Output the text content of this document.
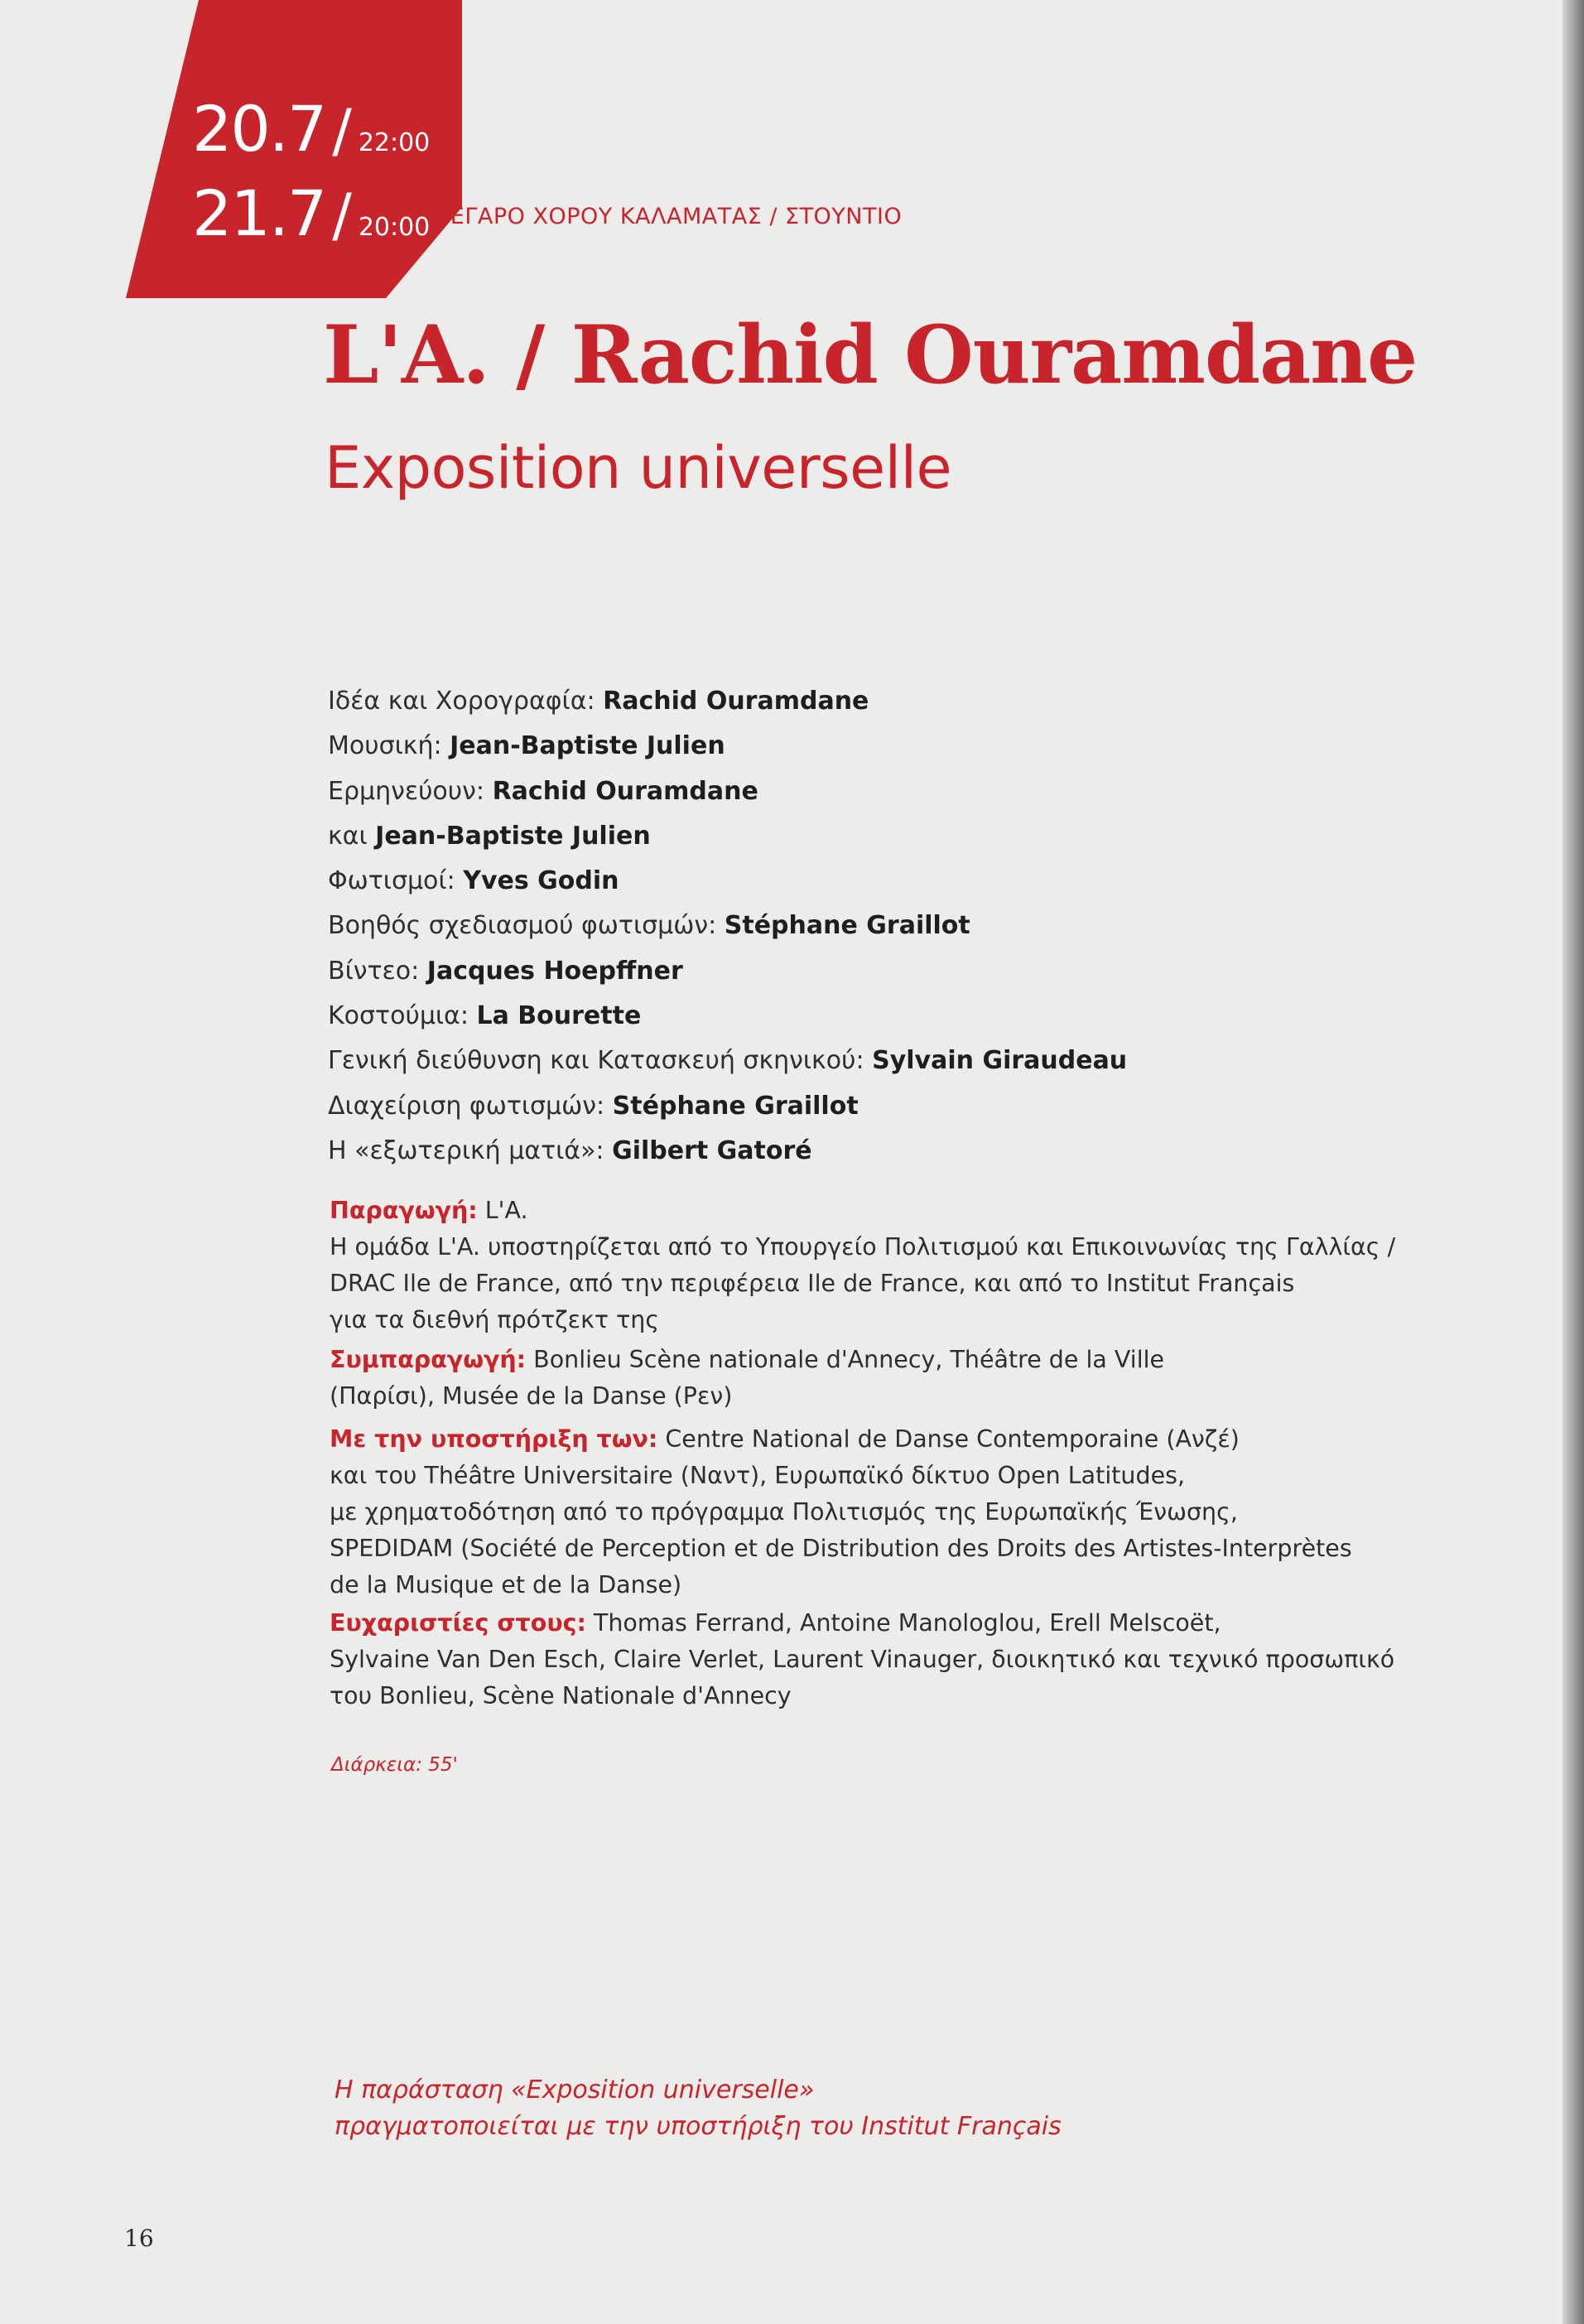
20.7 / 22:00
21.7 / 20:00 ΜΕΓΑΡΟ ΧΟΡΟΥ ΚΑΛΑΜΑΤΑΣ / ΣΤΟΥΝΤΙΟ
L'A. / Rachid Ouramdane
Exposition universelle
Ιδέα και Χορογραφία: Rachid Ouramdane
Μουσική: Jean-Baptiste Julien
Ερμηνεύουν: Rachid Ouramdane
και Jean-Baptiste Julien
Φωτισμοί: Yves Godin
Βοηθός σχεδιασμού φωτισμών: Stéphane Graillot
Βίντεο: Jacques Hoepffner
Κοστούμια: La Bourette
Γενική διεύθυνση και Κατασκευή σκηνικού: Sylvain Giraudeau
Διαχείριση φωτισμών: Stéphane Graillot
Η «εξωτερική ματιά»: Gilbert Gatoré
Παραγωγή: L'A.
Η ομάδα L'A. υποστηρίζεται από το Υπουργείο Πολιτισμού και Επικοινωνίας της Γαλλίας /
DRAC Ile de France, από την περιφέρεια Ile de France, και από το Institut Français
για τα διεθνή πρότζεκτ της
Συμπαραγωγή: Bonlieu Scène nationale d'Annecy, Théâtre de la Ville
(Παρίσι), Musée de la Danse (Ρεν)
Με την υποστήριξη των: Centre National de Danse Contemporaine (Ανζέ)
και του Théâtre Universitaire (Ναντ), Ευρωπαϊκό δίκτυο Open Latitudes,
με χρηματοδότηση από το πρόγραμμα Πολιτισμός της Ευρωπαϊκής Ένωσης,
SPEDIDAM (Société de Perception et de Distribution des Droits des Artistes-Interprètes
de la Musique et de la Danse)
Ευχαριστίες στους: Thomas Ferrand, Antoine Manologlou, Erell Melscoët,
Sylvaine Van Den Esch, Claire Verlet, Laurent Vinauger, διοικητικό και τεχνικό προσωπικό
του Bonlieu, Scène Nationale d'Annecy
Διάρκεια: 55'
Η παράσταση «Exposition universelle»
πραγματοποιείται με την υποστήριξη του Institut Français
16
